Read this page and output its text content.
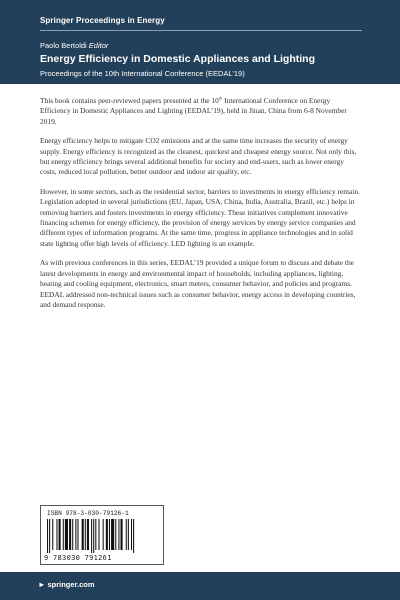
Springer Proceedings in Energy
Paolo Bertoldi Editor
Energy Efficiency in Domestic Appliances and Lighting
Proceedings of the 10th International Conference (EEDAL’19)

This book contains peer-reviewed papers presented at the 10th International Conference on Energy Efficiency in Domestic Appliances and Lighting (EEDAL’19), held in Jinan, China from 6-8 November 2019.

Energy efficiency helps to mitigate CO2 emissions and at the same time increases the security of energy supply. Energy efficiency is recognized as the cleanest, quickest and cheapest energy source. Not only this, but energy efficiency brings several additional benefits for society and end-users, such as lower energy costs, reduced local pollution, better outdoor and indoor air quality, etc.

However, in some sectors, such as the residential sector, barriers to investments in energy efficiency remain. Legislation adopted in several jurisdictions (EU, Japan, USA, China, India, Australia, Brazil, etc.) helps in removing barriers and fosters investments in energy efficiency. These initiatives complement innovative financing schemes for energy efficiency, the provision of energy services by energy service companies and different types of information programs. At the same time, progress in appliance technologies and in solid state lighting offer high levels of efficiency. LED lighting is an example.

As with previous conferences in this series, EEDAL’19 provided a unique forum to discuss and debate the latest developments in energy and environmental impact of households, including appliances, lighting, heating and cooling equipment, electronics, smart meters, consumer behavior, and policies and programs. EEDAL addressed non-technical issues such as consumer behavior, energy access in developing countries, and demand response.

ISBN 978-3-030-79126-1
9 783030 791261
► springer.com
